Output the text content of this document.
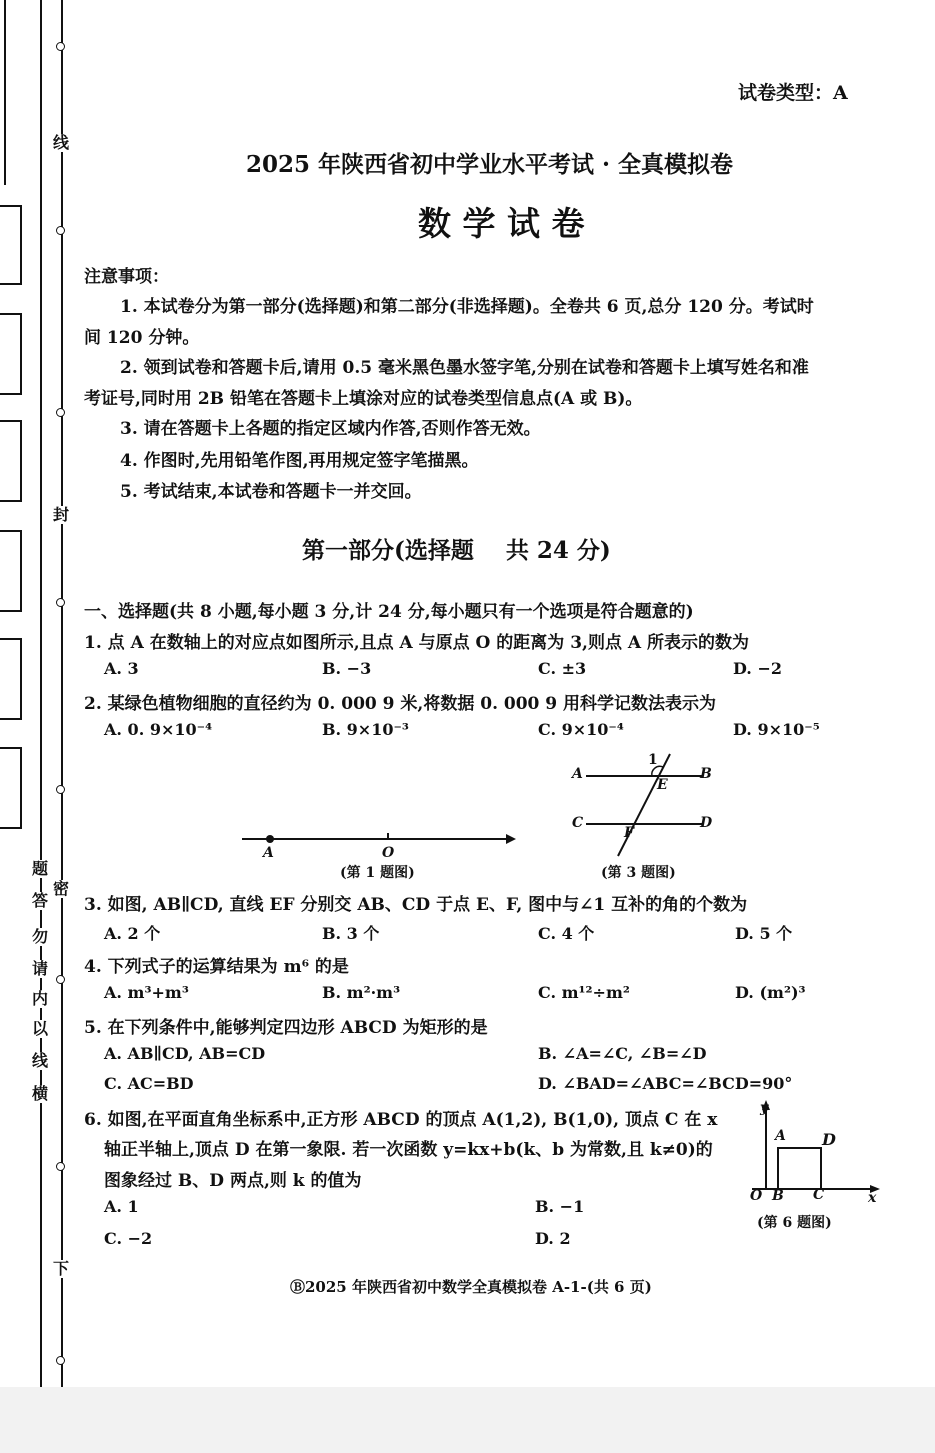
线
封
密
下
题
答
勿
请
内
以
线
横
试卷类型：A
2025 年陕西省初中学业水平考试 · 全真模拟卷
数 学 试 卷
注意事项：
1. 本试卷分为第一部分(选择题)和第二部分(非选择题)。全卷共 6 页,总分 120 分。考试时
间 120 分钟。
2. 领到试卷和答题卡后,请用 0.5 毫米黑色墨水签字笔,分别在试卷和答题卡上填写姓名和准
考证号,同时用 2B 铅笔在答题卡上填涂对应的试卷类型信息点(A 或 B)。
3. 请在答题卡上各题的指定区域内作答,否则作答无效。
4. 作图时,先用铅笔作图,再用规定签字笔描黑。
5. 考试结束,本试卷和答题卡一并交回。
第一部分(选择题    共 24 分)
一、选择题(共 8 小题,每小题 3 分,计 24 分,每小题只有一个选项是符合题意的)
1. 点 A 在数轴上的对应点如图所示,且点 A 与原点 O 的距离为 3,则点 A 所表示的数为
A. 3	B. −3	C. ±3	D. −2
2. 某绿色植物细胞的直径约为 0. 000 9 米,将数据 0. 000 9 用科学记数法表示为
A. 0. 9×10⁻⁴	B. 9×10⁻³	C. 9×10⁻⁴	D. 9×10⁻⁵
A	O
(第 1 题图)
A	B
C	D
E
F
1
(第 3 题图)
3. 如图, AB∥CD, 直线 EF 分别交 AB、CD 于点 E、F, 图中与∠1 互补的角的个数为
A. 2 个	B. 3 个	C. 4 个	D. 5 个
4. 下列式子的运算结果为 m⁶ 的是
A. m³+m³	B. m²·m³	C. m¹²÷m²	D. (m²)³
5. 在下列条件中,能够判定四边形 ABCD 为矩形的是
A. AB∥CD, AB=CD	B. ∠A=∠C, ∠B=∠D
C. AC=BD	D. ∠BAD=∠ABC=∠BCD=90°
6. 如图,在平面直角坐标系中,正方形 ABCD 的顶点 A(1,2), B(1,0), 顶点 C 在 x
轴正半轴上,顶点 D 在第一象限. 若一次函数 y=kx+b(k、b 为常数,且 k≠0)的
图象经过 B、D 两点,则 k 的值为
A. 1	B. −1
C. −2	D. 2
y
A D
O B C	x
(第 6 题图)
Ⓑ2025 年陕西省初中数学全真模拟卷 A-1-(共 6 页)
